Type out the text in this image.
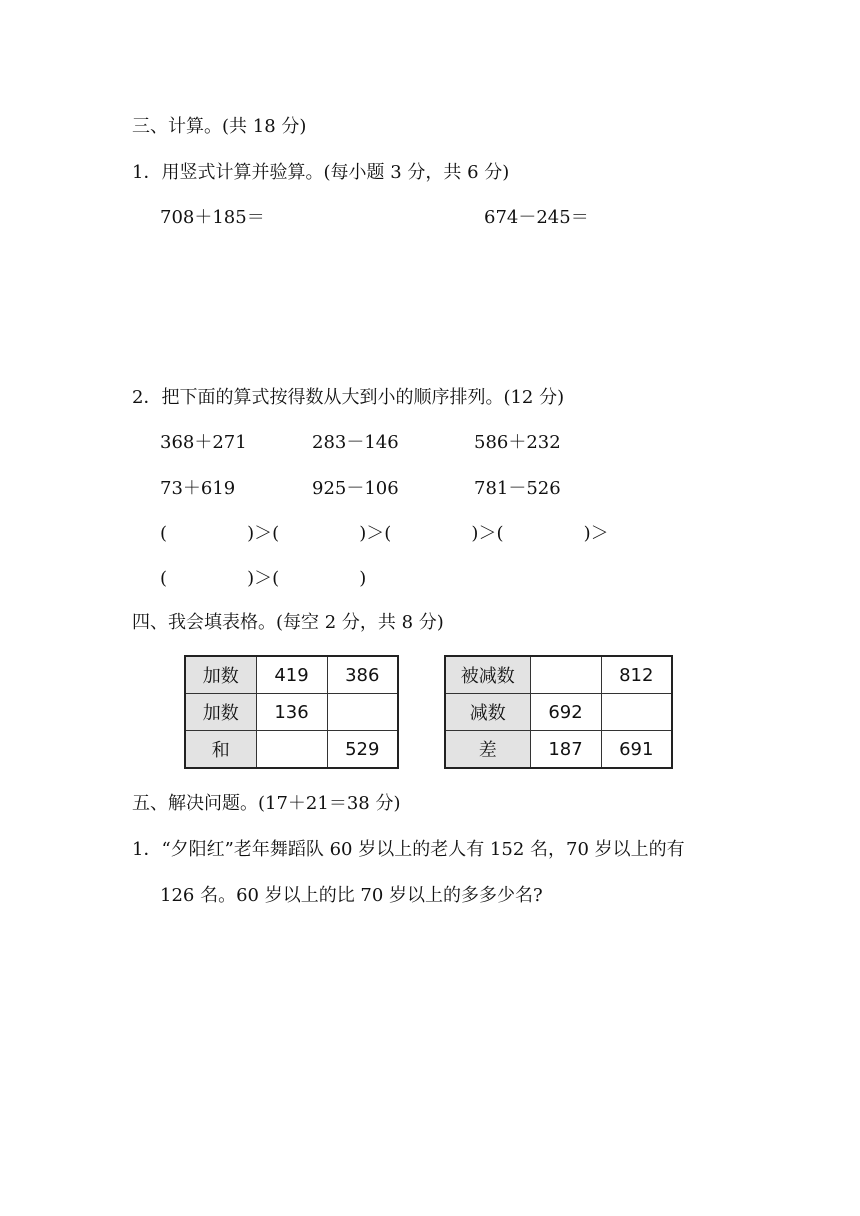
三、计算。(共 18 分)
1．用竖式计算并验算。(每小题 3 分，共 6 分)
708＋185＝	674－245＝
2．把下面的算式按得数从大到小的顺序排列。(12 分)
368＋271	283－146	586＋232
73＋619	925－106	781－526
(              )＞(              )＞(              )＞(              )＞
(              )＞(              )
四、我会填表格。(每空 2 分，共 8 分)
加数	419	386
加数	136	
和		529
被减数		812
减数	692	
差	187	691
五、解决问题。(17＋21＝38 分)
1．“夕阳红”老年舞蹈队 60 岁以上的老人有 152 名，70 岁以上的有
126 名。60 岁以上的比 70 岁以上的多多少名?
